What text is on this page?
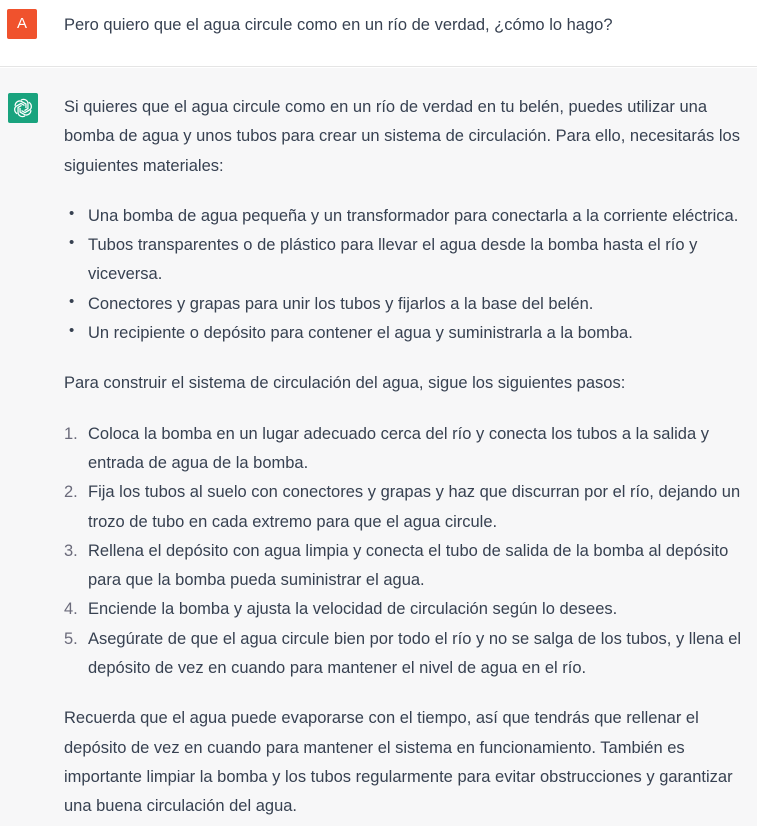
A	Pero quiero que el agua circule como en un río de verdad, ¿cómo lo hago?

Si quieres que el agua circule como en un río de verdad en tu belén, puedes utilizar una bomba de agua y unos tubos para crear un sistema de circulación. Para ello, necesitarás los siguientes materiales:

• Una bomba de agua pequeña y un transformador para conectarla a la corriente eléctrica.
• Tubos transparentes o de plástico para llevar el agua desde la bomba hasta el río y viceversa.
• Conectores y grapas para unir los tubos y fijarlos a la base del belén.
• Un recipiente o depósito para contener el agua y suministrarla a la bomba.

Para construir el sistema de circulación del agua, sigue los siguientes pasos:

1. Coloca la bomba en un lugar adecuado cerca del río y conecta los tubos a la salida y entrada de agua de la bomba.
2. Fija los tubos al suelo con conectores y grapas y haz que discurran por el río, dejando un trozo de tubo en cada extremo para que el agua circule.
3. Rellena el depósito con agua limpia y conecta el tubo de salida de la bomba al depósito para que la bomba pueda suministrar el agua.
4. Enciende la bomba y ajusta la velocidad de circulación según lo desees.
5. Asegúrate de que el agua circule bien por todo el río y no se salga de los tubos, y llena el depósito de vez en cuando para mantener el nivel de agua en el río.

Recuerda que el agua puede evaporarse con el tiempo, así que tendrás que rellenar el depósito de vez en cuando para mantener el sistema en funcionamiento. También es importante limpiar la bomba y los tubos regularmente para evitar obstrucciones y garantizar una buena circulación del agua.
